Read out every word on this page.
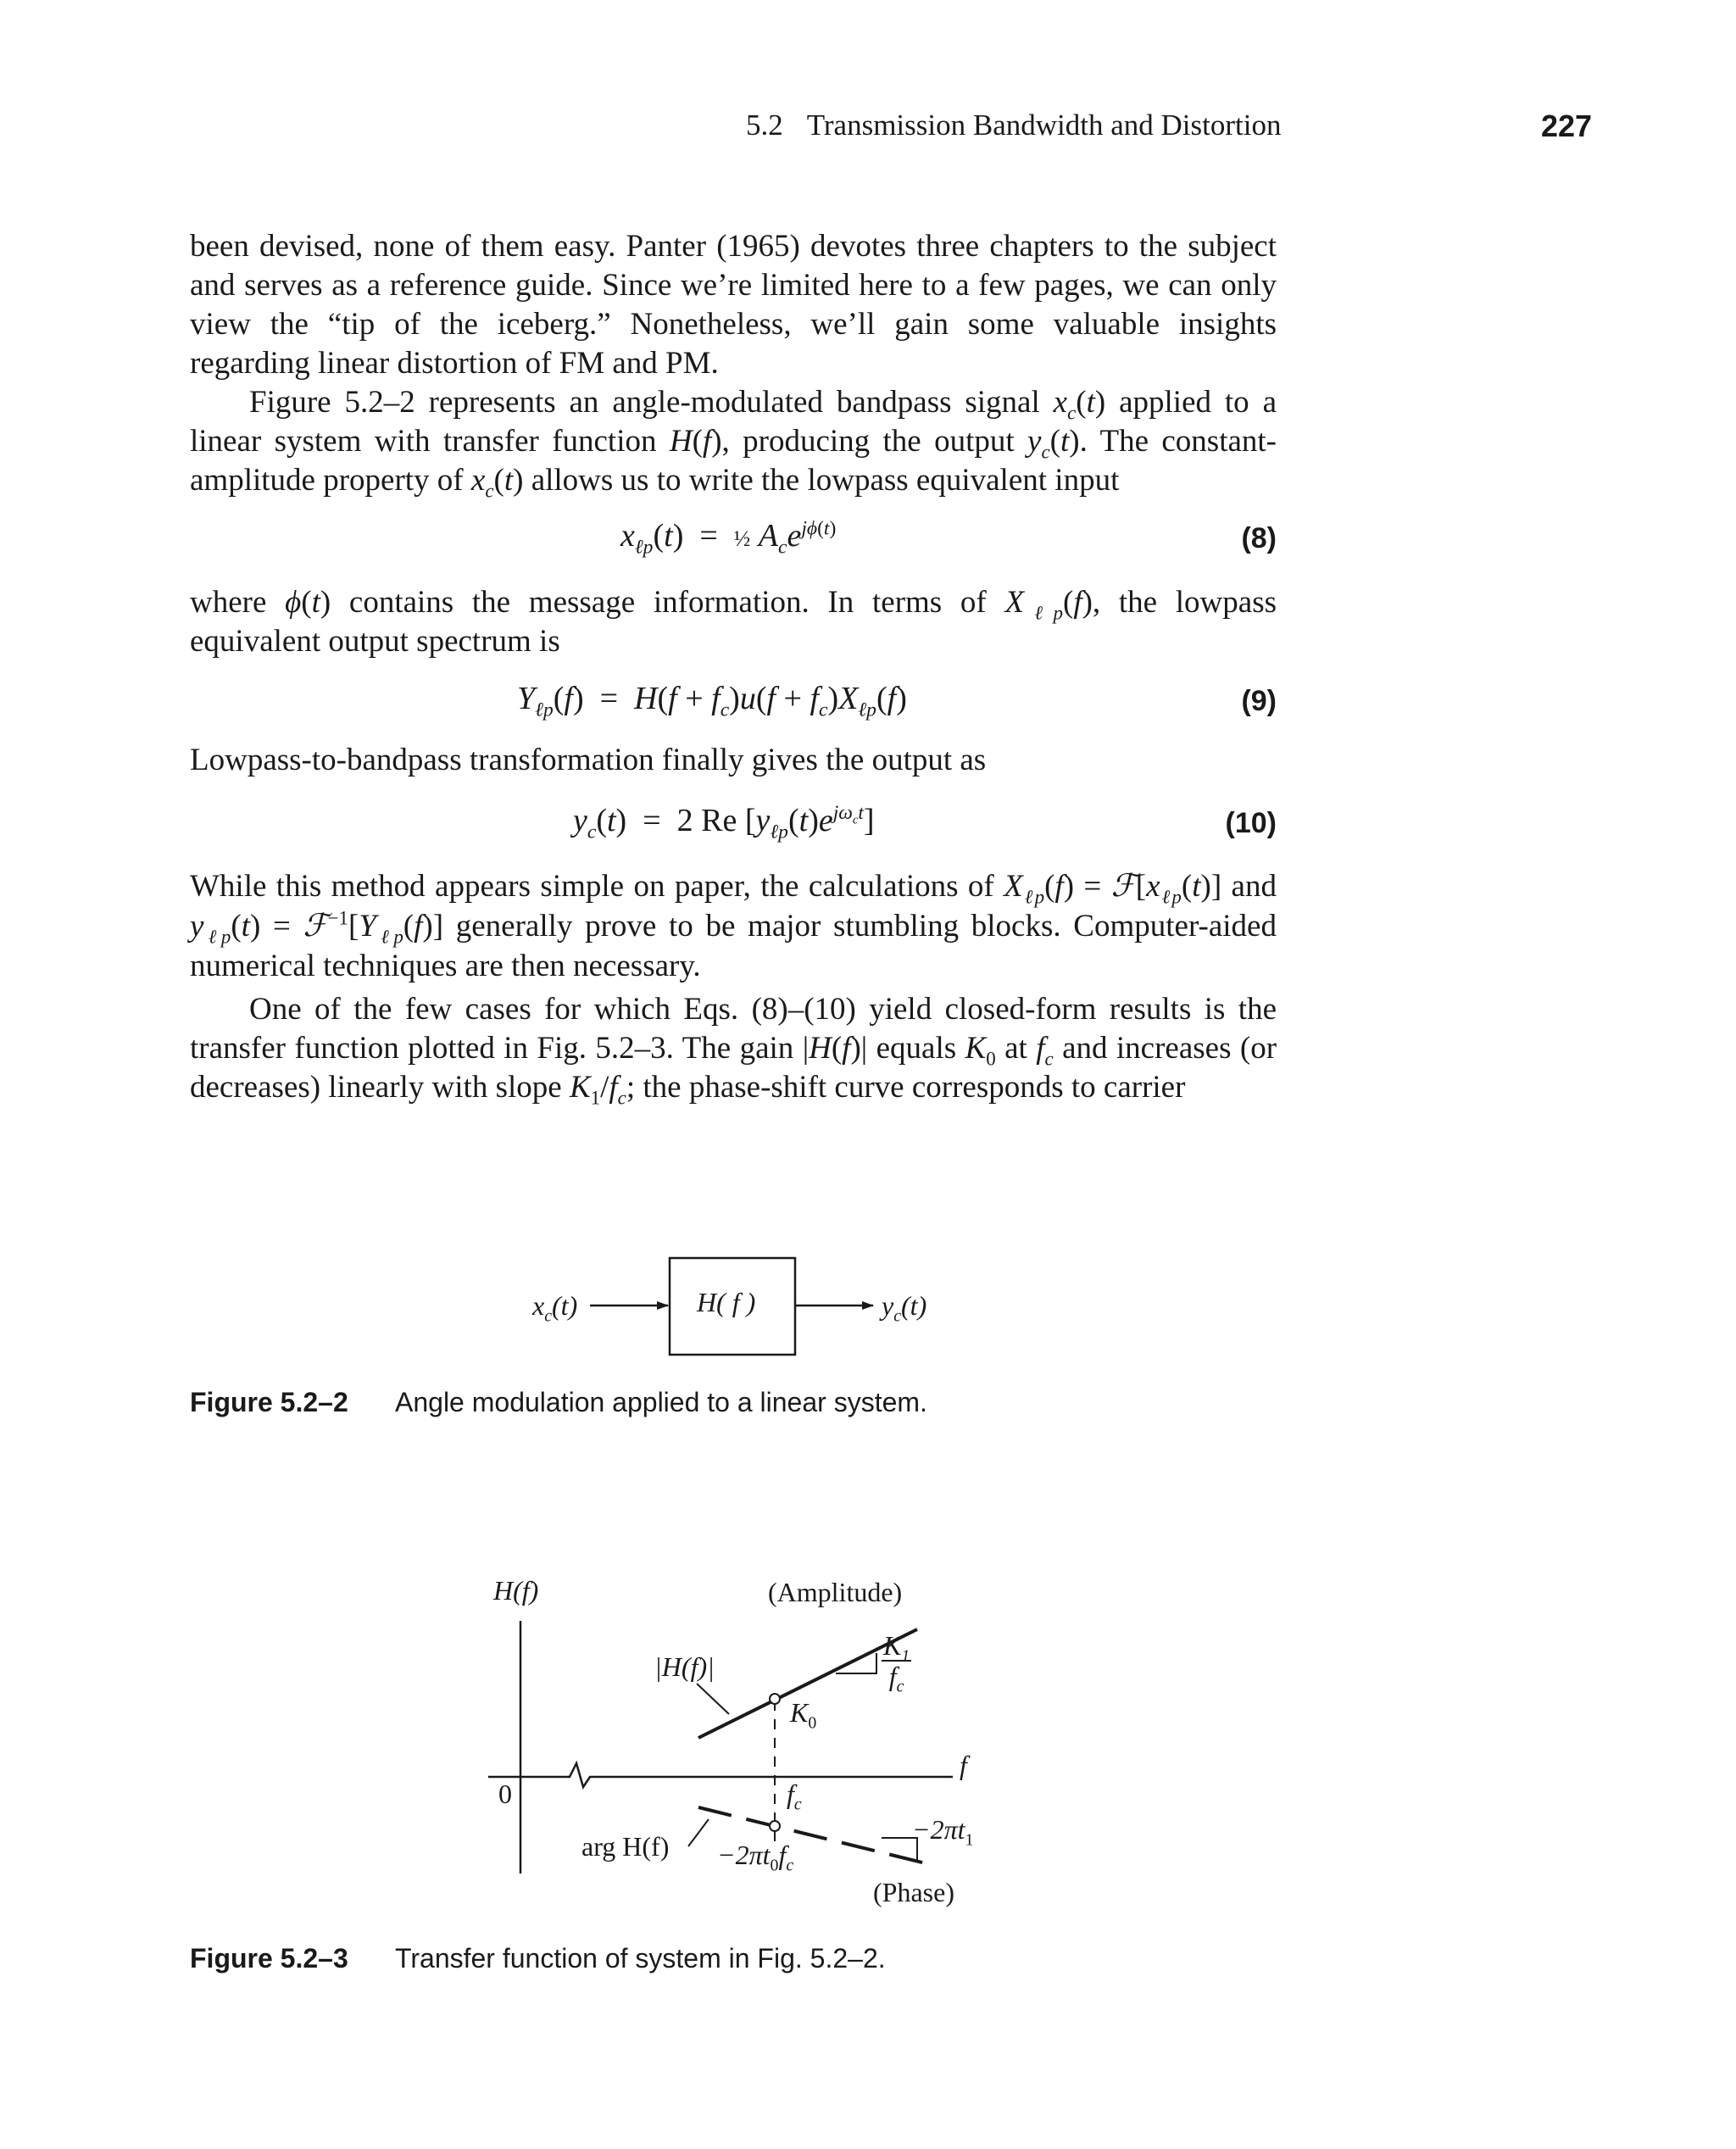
5.2 Transmission Bandwidth and Distortion	227

been devised, none of them easy. Panter (1965) devotes three chapters to the subject and serves as a reference guide. Since we’re limited here to a few pages, we can only view the “tip of the iceberg.” Nonetheless, we’ll gain some valuable insights regarding linear distortion of FM and PM.

Figure 5.2–2 represents an angle-modulated bandpass signal $x_c(t)$ applied to a linear system with transfer function H(f), producing the output $y_c(t)$. The constant-amplitude property of $x_c(t)$ allows us to write the lowpass equivalent input

$x_{\ell p}(t)$  =  ½ $A_ce^{j\phi(t)}$	(8)

where ϕ(t) contains the message information. In terms of $X_{\ell p}(f)$, the lowpass equivalent output spectrum is

$Y_{\ell p}(f) = H(f + f_c)u(f + f_c)X_{\ell p}(f)$	(9)

Lowpass-to-bandpass transformation finally gives the output as

$y_c(t) = 2$ Re $[y_{\ell p}(t)e^{j\omega_ct}]$	(10)

While this method appears simple on paper, the calculations of $X_{\ell p}(f)$ = $ℱ[x_{\ell p}(t)]$ and $y_{\ell p}(t)$ = $ℱ^{-1}[Y_{\ell p}(f)]$ generally prove to be major stumbling blocks. Computer-aided numerical techniques are then necessary.

One of the few cases for which Eqs. (8)–(10) yield closed-form results is the transfer function plotted in Fig. 5.2–3. The gain |H(f)| equals $K_0$ at $f_c$ and increases (or decreases) linearly with slope $K_1/f_c$; the phase-shift curve corresponds to carrier

$x_c(t)$	H( f )	$y_c(t)$
Figure 5.2–2 Angle modulation applied to a linear system.
H(f)	(Amplitude)
|H(f)|
$K_1$
$f_c$
$K_0$
0
f
$f_c$
$-2\pi t_1$
arg $H(f) -2\pi t_0f_c$
(Phase)
Figure 5.2–3 Transfer function of system in Fig. 5.2–2.
